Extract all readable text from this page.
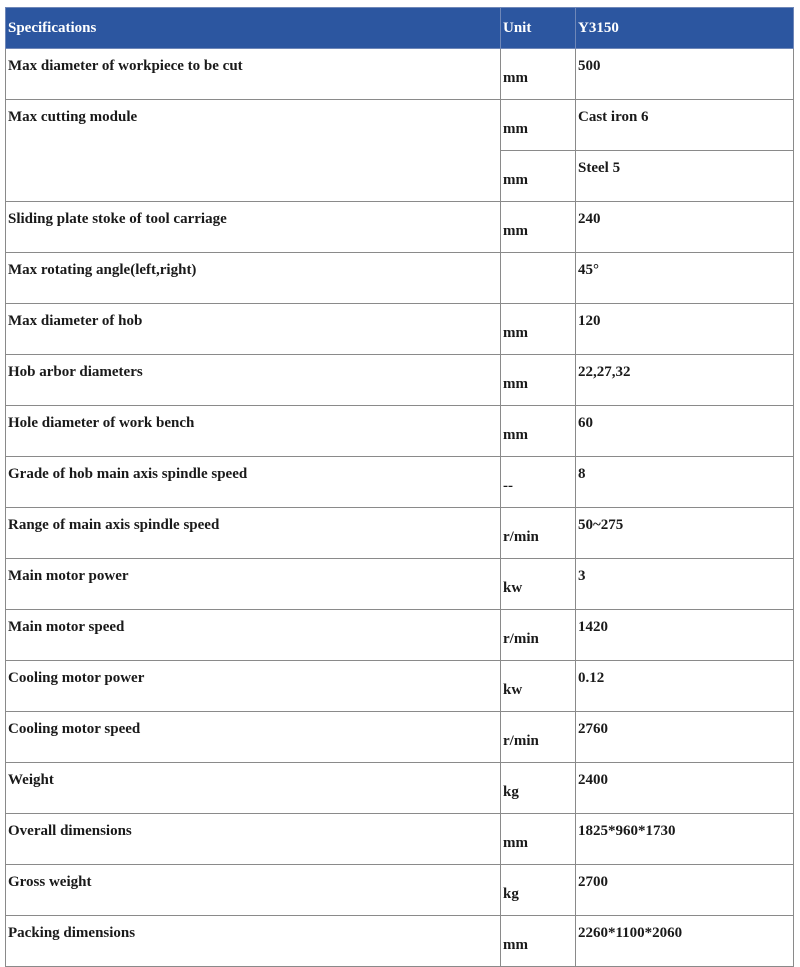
Specifications	Unit	Y3150
Max diameter of workpiece to be cut	mm	500
Max cutting module	mm	Cast iron 6
	mm	Steel 5
Sliding plate stoke of tool carriage	mm	240
Max rotating angle(left,right)		45°
Max diameter of hob	mm	120
Hob arbor diameters	mm	22,27,32
Hole diameter of work bench	mm	60
Grade of hob main axis spindle speed	--	8
Range of main axis spindle speed	r/min	50~275
Main motor power	kw	3
Main motor speed	r/min	1420
Cooling motor power	kw	0.12
Cooling motor speed	r/min	2760
Weight	kg	2400
Overall dimensions	mm	1825*960*1730
Gross weight	kg	2700
Packing dimensions	mm	2260*1100*2060
